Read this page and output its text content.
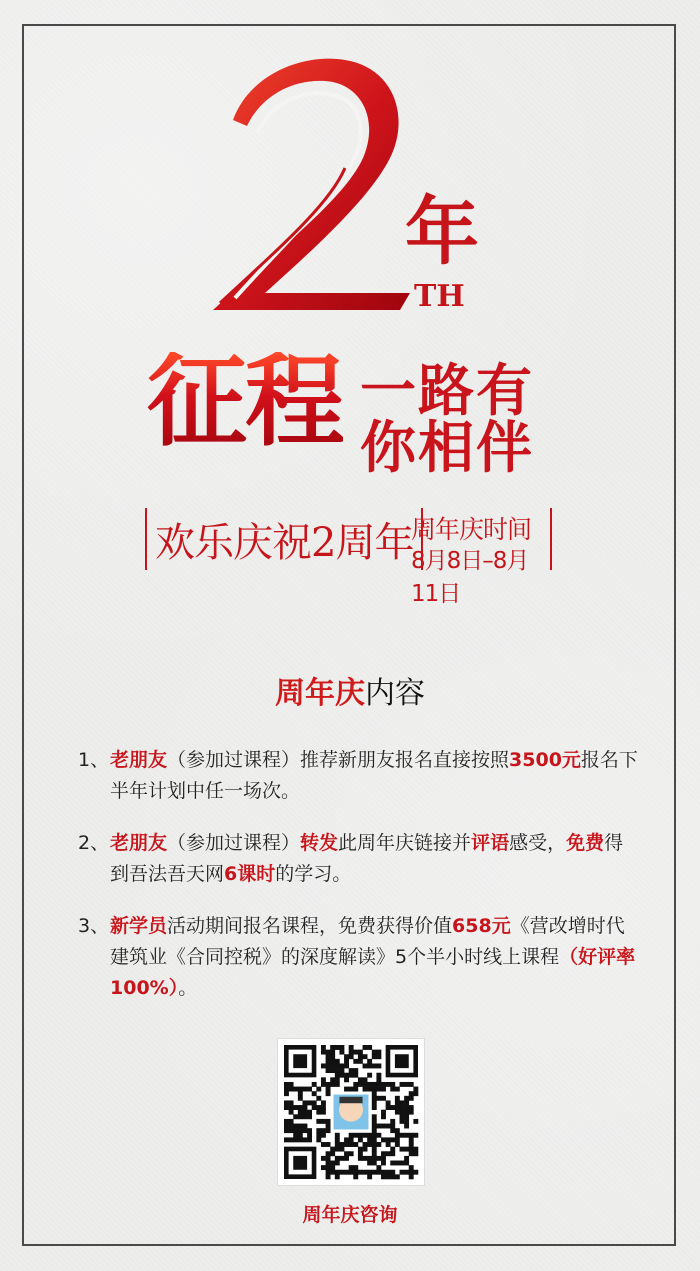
年
TH
征程 一路有
你相伴
欢乐庆祝2周年
周年庆时间
8月8日–8月11日
周年庆内容
1、 老朋友（参加过课程）推荐新朋友报名直接按照3500元报名下半年计划中任一场次。
2、 老朋友（参加过课程）转发此周年庆链接并评语感受，免费得到吾法吾天网6课时的学习。
3、 新学员活动期间报名课程，免费获得价值658元《营改增时代建筑业《合同控税》的深度解读》5个半小时线上课程（好评率100%）。
周年庆咨询
